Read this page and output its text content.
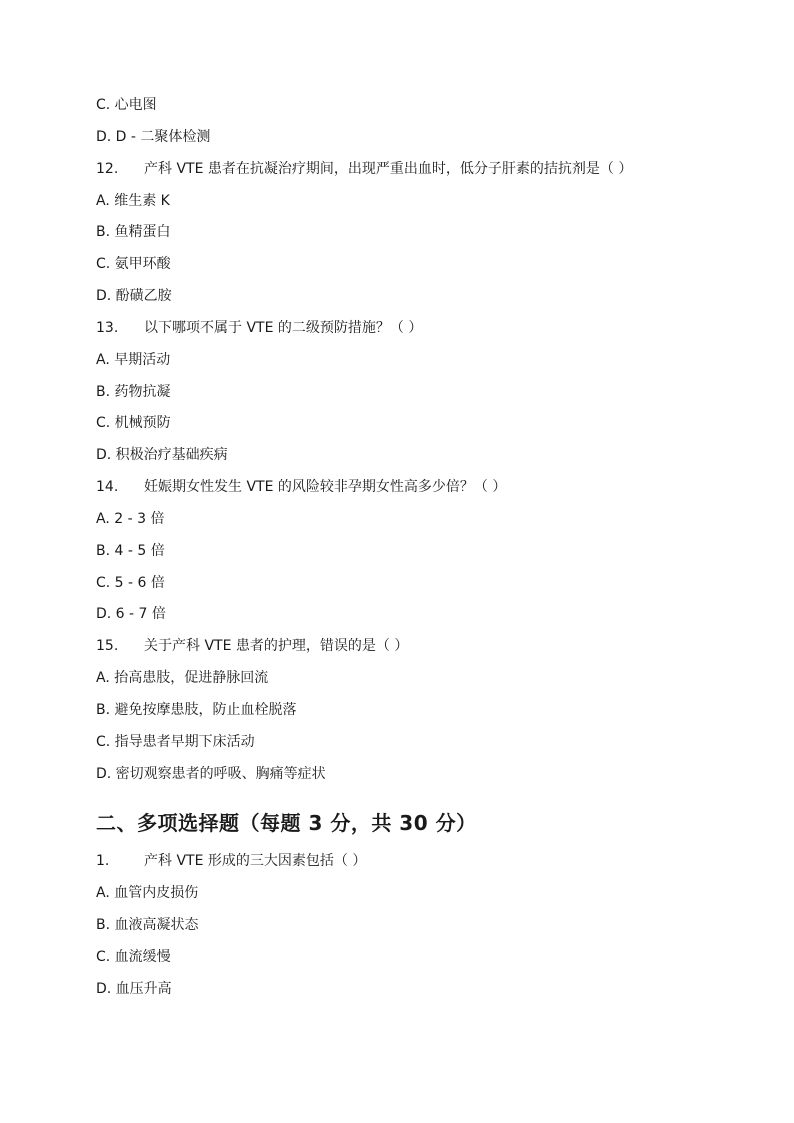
C. 心电图
D. D - 二聚体检测
12. 产科 VTE 患者在抗凝治疗期间，出现严重出血时，低分子肝素的拮抗剂是（ ）
A. 维生素 K
B. 鱼精蛋白
C. 氨甲环酸
D. 酚磺乙胺
13. 以下哪项不属于 VTE 的二级预防措施？（ ）
A. 早期活动
B. 药物抗凝
C. 机械预防
D. 积极治疗基础疾病
14. 妊娠期女性发生 VTE 的风险较非孕期女性高多少倍？（ ）
A. 2 - 3 倍
B. 4 - 5 倍
C. 5 - 6 倍
D. 6 - 7 倍
15. 关于产科 VTE 患者的护理，错误的是（ ）
A. 抬高患肢，促进静脉回流
B. 避免按摩患肢，防止血栓脱落
C. 指导患者早期下床活动
D. 密切观察患者的呼吸、胸痛等症状
二、多项选择题（每题 3 分，共 30 分）
1. 产科 VTE 形成的三大因素包括（ ）
A. 血管内皮损伤
B. 血液高凝状态
C. 血流缓慢
D. 血压升高
